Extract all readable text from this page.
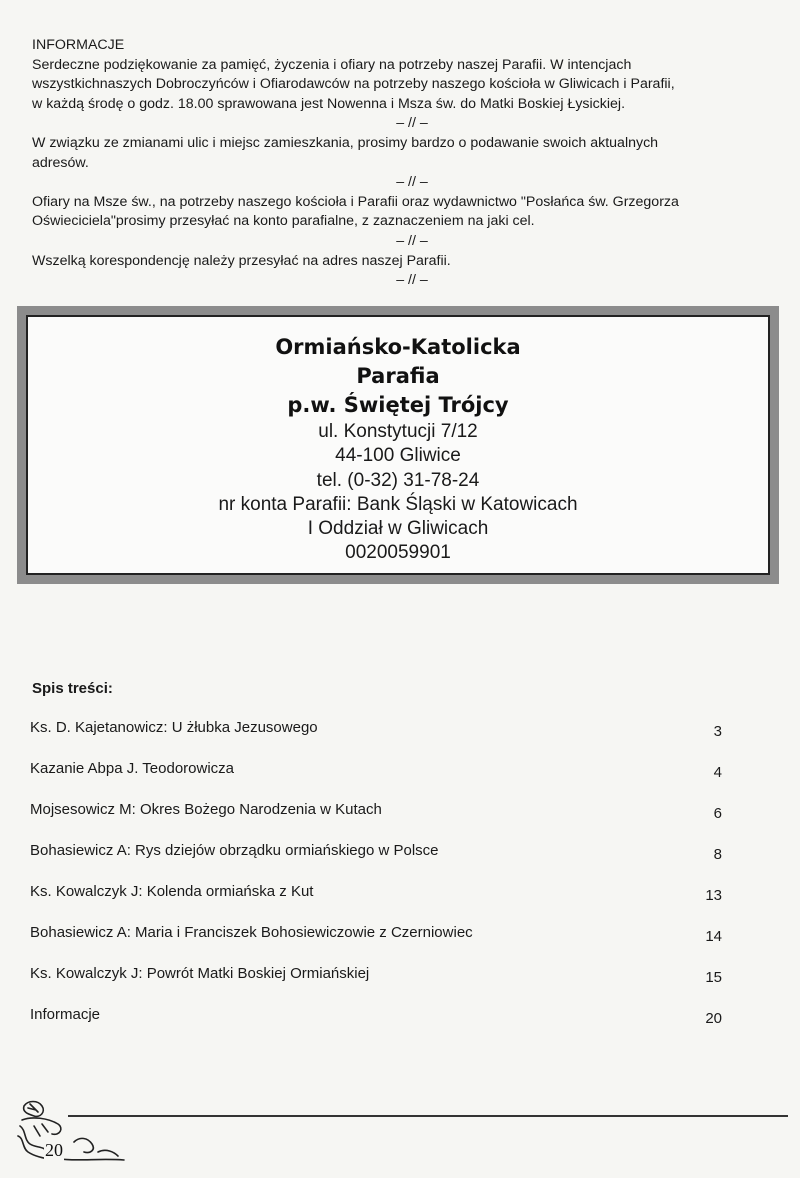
INFORMACJE

Serdeczne podziękowanie za pamięć, życzenia i ofiary na potrzeby naszej Parafii. W intencjach
wszystkichnaszych Dobroczyńców i Ofiarodawców na potrzeby naszego kościoła w Gliwicach i Parafii,
w każdą środę o godz. 18.00 sprawowana jest Nowenna i Msza św. do Matki Boskiej Łysickiej.

– // –

W związku ze zmianami ulic i miejsc zamieszkania, prosimy bardzo o podawanie swoich aktualnych
adresów.

– // –

Ofiary na Msze św., na potrzeby naszego kościoła i Parafii oraz wydawnictwo "Posłańca św. Grzegorza
Oświeciciela"prosimy przesyłać na konto parafialne, z zaznaczeniem na jaki cel.

– // –

Wszelką korespondencję należy przesyłać na adres naszej Parafii.

– // –

Ormiańsko-Katolicka

Parafia

p.w. Świętej Trójcy

ul. Konstytucji 7/12

44-100 Gliwice

tel. (0-32) 31-78-24

nr konta Parafii: Bank Śląski w Katowicach

I Oddział w Gliwicach

0020059901

Spis treści:

Ks. D. Kajetanowicz: U żłubka Jezusowego	3
Kazanie Abpa J. Teodorowicza	4
Mojsesowicz M: Okres Bożego Narodzenia w Kutach	6
Bohasiewicz A: Rys dziejów obrządku ormiańskiego w Polsce	8
Ks. Kowalczyk J: Kolenda ormiańska z Kut	13
Bohasiewicz A: Maria i Franciszek Bohosiewiczowie z Czerniowiec	14
Ks. Kowalczyk J: Powrót Matki Boskiej Ormiańskiej	15
Informacje	20
20
